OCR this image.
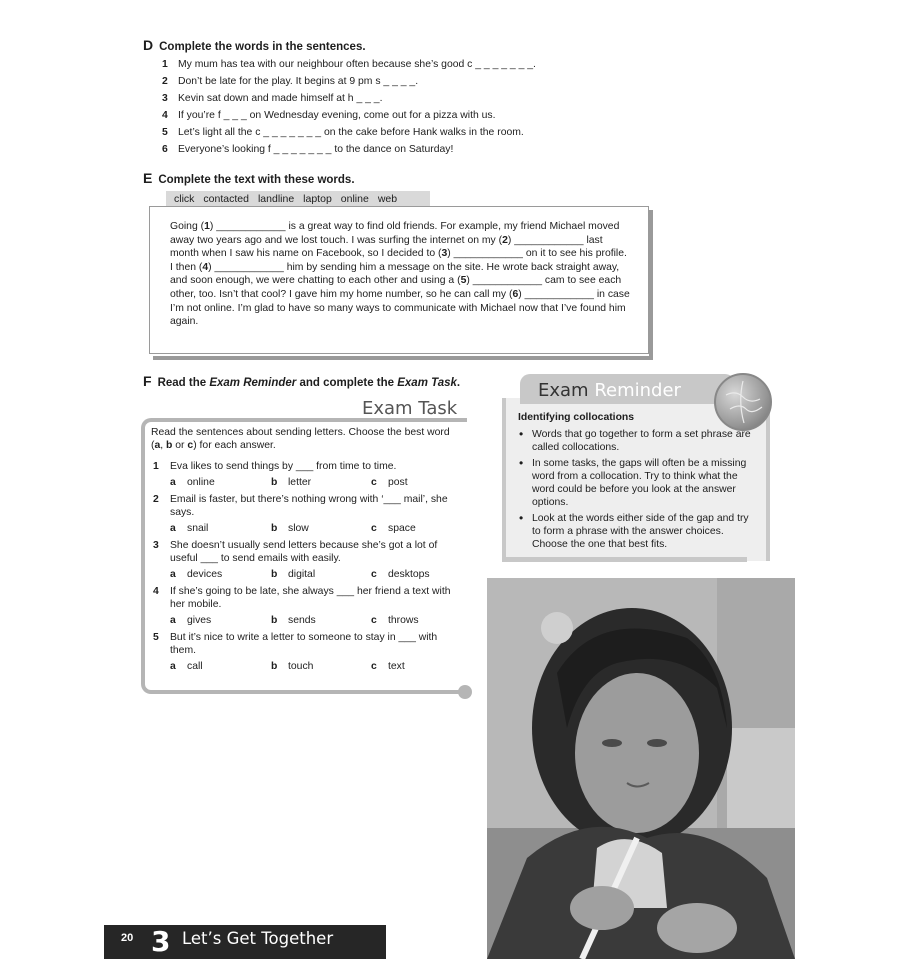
D Complete the words in the sentences.
1 My mum has tea with our neighbour often because she’s good c _ _ _ _ _ _ _.
2 Don’t be late for the play. It begins at 9 pm s _ _ _ _.
3 Kevin sat down and made himself at h _ _ _.
4 If you’re f _ _ _ on Wednesday evening, come out for a pizza with us.
5 Let’s light all the c _ _ _ _ _ _ _ on the cake before Hank walks in the room.
6 Everyone’s looking f _ _ _ _ _ _ _ to the dance on Saturday!
E Complete the text with these words.
click contacted landline laptop online web

Going (1) ____________ is a great way to find old friends. For example, my friend Michael moved away two years ago and we lost touch. I was surfing the internet on my (2) ____________ last month when I saw his name on Facebook, so I decided to (3) ____________ on it to see his profile. I then (4) ____________ him by sending him a message on the site. He wrote back straight away, and soon enough, we were chatting to each other and using a (5) ____________ cam to see each other, too. Isn’t that cool? I gave him my home number, so he can call my (6) ____________ in case I’m not online. I’m glad to have so many ways to communicate with Michael now that I’ve found him again.

F Read the Exam Reminder and complete the Exam Task.
Exam Task

Read the sentences about sending letters. Choose the best word (a, b or c) for each answer.

1 Eva likes to send things by ___ from time to time.
a online	b letter	c post
2 Email is faster, but there’s nothing wrong with ‘___ mail’, she says.
a snail	b slow	c space
3 She doesn’t usually send letters because she’s got a lot of useful ___ to send emails with easily.
a devices	b digital	c desktops
4 If she’s going to be late, she always ___ her friend a text with her mobile.
a gives	b sends	c throws
5 But it’s nice to write a letter to someone to stay in ___ with them.
a call	b touch	c text
Exam Reminder
Identifying collocations
• Words that go together to form a set phrase are called collocations.
• In some tasks, the gaps will often be a missing word from a collocation. Try to think what the word could be before you look at the answer options.
• Look at the words either side of the gap and try to form a phrase with the answer choices. Choose the one that best fits.
20 3 Let’s Get Together
